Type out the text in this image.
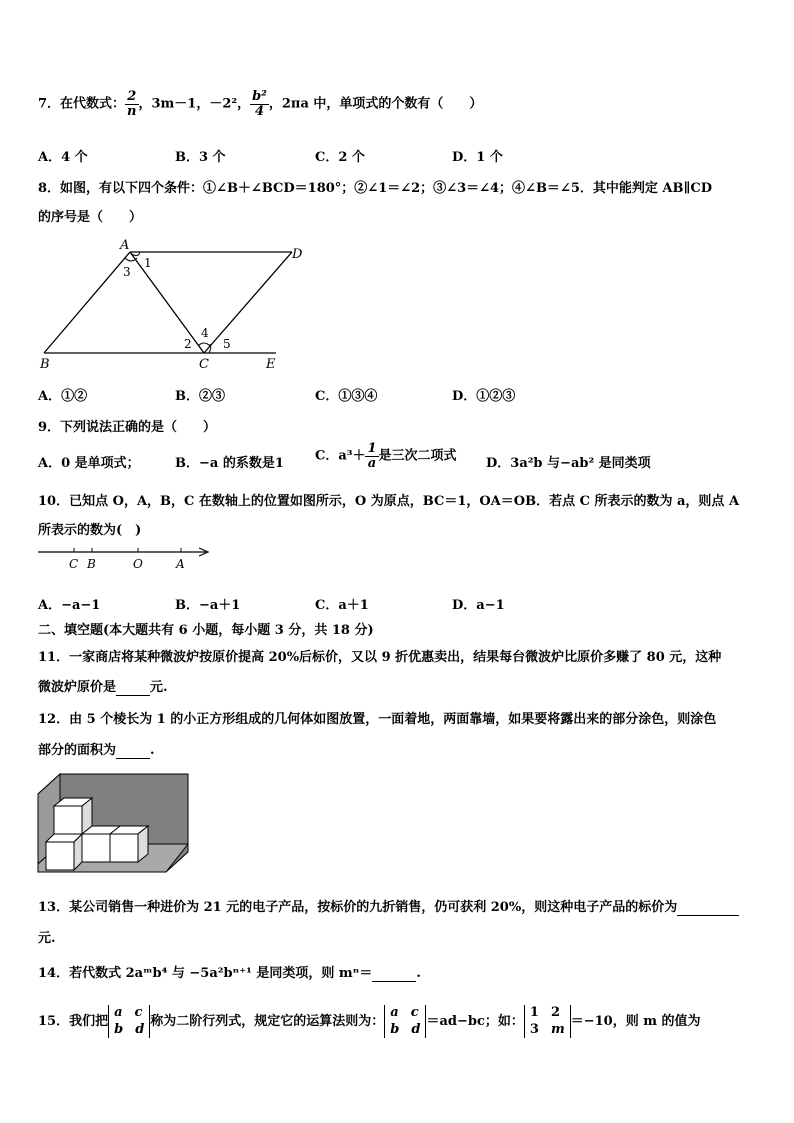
7．在代数式： $\frac{2}{n}$ ，3m－1，－2²， $\frac{\text{b²}}{4}$ ，2πa 中，单项式的个数有（　　）
A．4 个	B．3 个	C．2 个	D．1 个
8．如图，有以下四个条件：①∠B＋∠BCD＝180°；②∠1＝∠2；③∠3＝∠4；④∠B＝∠5．其中能判定 AB∥CD
的序号是（　　）
A
D
B	C	E
1
3
2
4
5
A．①②	B．②③	C．①③④	D．①②③
9．下列说法正确的是（　　）
A．0 是单项式；	B．−a 的系数是1 C．$a^3+ \frac{1}{a}$ 是三次二项式 D．3a²b 与−ab² 是同类项
10．已知点 O，A，B，C 在数轴上的位置如图所示，O 为原点，BC＝1，OA＝OB．若点 C 所表示的数为 a，则点 A
所表示的数为(　)
C B	O	A
A．−a−1	B．−a＋1	C．a＋1	D．a−1
二、填空题(本大题共有 6 小题，每小题 3 分，共 18 分)
11．一家商店将某种微波炉按原价提高 20%后标价，又以 9 折优惠卖出，结果每台微波炉比原价多赚了 80 元，这种
微波炉原价是	元.
12．由 5 个棱长为 1 的小正方形组成的几何体如图放置，一面着地，两面靠墙，如果要将露出来的部分涂色，则涂色
部分的面积为	.
13．某公司销售一种进价为 21 元的电子产品，按标价的九折销售，仍可获利 20%，则这种电子产品的标价为
元.
14．若代数式 2aᵐb⁴ 与 −5a²bⁿ⁺¹ 是同类项，则 mⁿ＝	.
15．我们把
a c
b d 称为二阶行列式，规定它的运算法则为：
a c
b d ＝ad−bc；如：
1 2
3 m ＝−10，则 m 的值为
